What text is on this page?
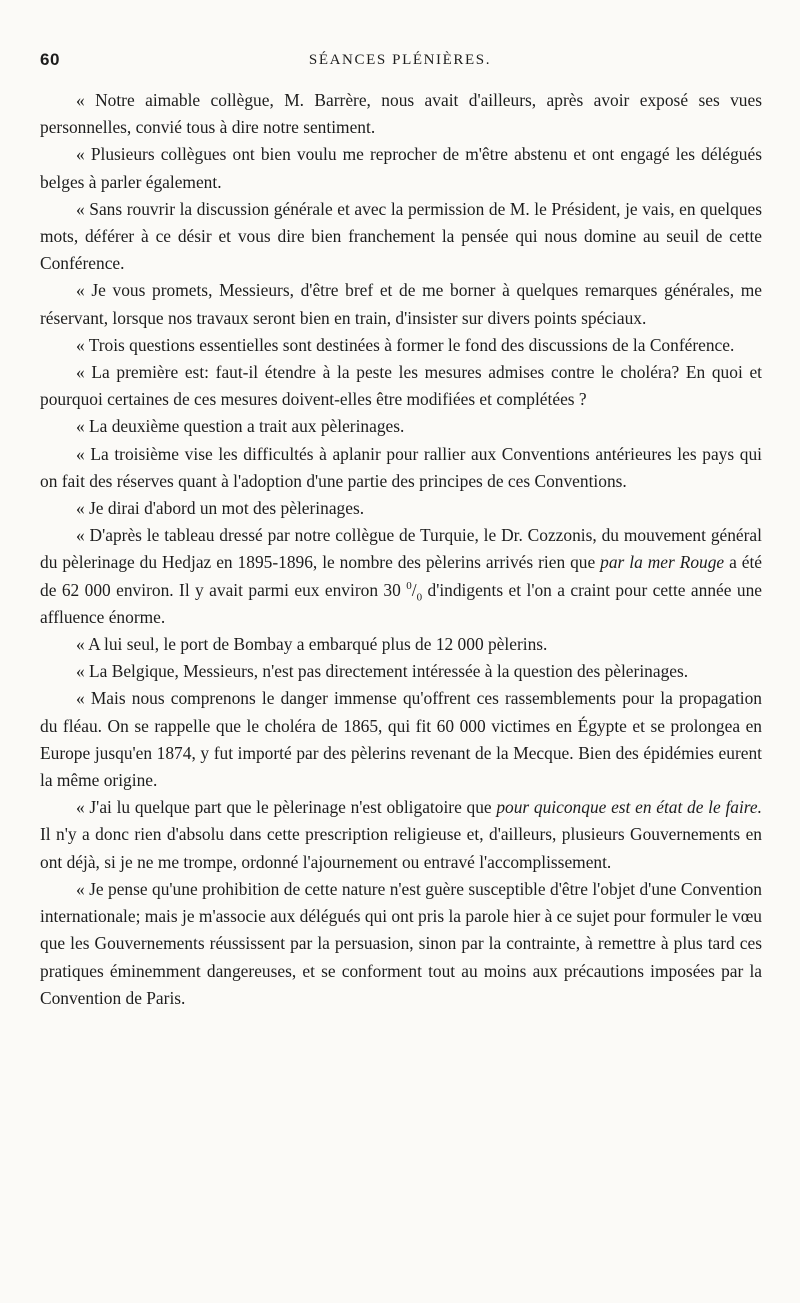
60	SÉANCES PLÉNIÈRES.

« Notre aimable collègue, M. Barrère, nous avait d'ailleurs, après avoir exposé ses vues personnelles, convié tous à dire notre sentiment.

« Plusieurs collègues ont bien voulu me reprocher de m'être abstenu et ont engagé les délégués belges à parler également.

« Sans rouvrir la discussion générale et avec la permission de M. le Président, je vais, en quelques mots, déférer à ce désir et vous dire bien franchement la pensée qui nous domine au seuil de cette Conférence.

« Je vous promets, Messieurs, d'être bref et de me borner à quelques remarques générales, me réservant, lorsque nos travaux seront bien en train, d'insister sur divers points spéciaux.

« Trois questions essentielles sont destinées à former le fond des discussions de la Conférence.

« La première est: faut-il étendre à la peste les mesures admises contre le choléra? En quoi et pourquoi certaines de ces mesures doivent-elles être modifiées et complétées ?

« La deuxième question a trait aux pèlerinages.

« La troisième vise les difficultés à aplanir pour rallier aux Conventions antérieures les pays qui on fait des réserves quant à l'adoption d'une partie des principes de ces Conventions.

« Je dirai d'abord un mot des pèlerinages.

« D'après le tableau dressé par notre collègue de Turquie, le Dr. Cozzonis, du mouvement général du pèlerinage du Hedjaz en 1895-1896, le nombre des pèlerins arrivés rien que par la mer Rouge a été de 62 000 environ. Il y avait parmi eux environ 30 $^0/_0$ d'indigents et l'on a craint pour cette année une affluence énorme.

« A lui seul, le port de Bombay a embarqué plus de 12 000 pèlerins.

« La Belgique, Messieurs, n'est pas directement intéressée à la question des pèlerinages.

« Mais nous comprenons le danger immense qu'offrent ces rassemblements pour la propagation du fléau. On se rappelle que le choléra de 1865, qui fit 60 000 victimes en Égypte et se prolongea en Europe jusqu'en 1874, y fut importé par des pèlerins revenant de la Mecque. Bien des épidémies eurent la même origine.

« J'ai lu quelque part que le pèlerinage n'est obligatoire que pour quiconque est en état de le faire. Il n'y a donc rien d'absolu dans cette prescription religieuse et, d'ailleurs, plusieurs Gouvernements en ont déjà, si je ne me trompe, ordonné l'ajournement ou entravé l'accomplissement.

« Je pense qu'une prohibition de cette nature n'est guère susceptible d'être l'objet d'une Convention internationale; mais je m'associe aux délégués qui ont pris la parole hier à ce sujet pour formuler le vœu que les Gouvernements réussissent par la persuasion, sinon par la contrainte, à remettre à plus tard ces pratiques éminemment dangereuses, et se conforment tout au moins aux précautions imposées par la Convention de Paris.
